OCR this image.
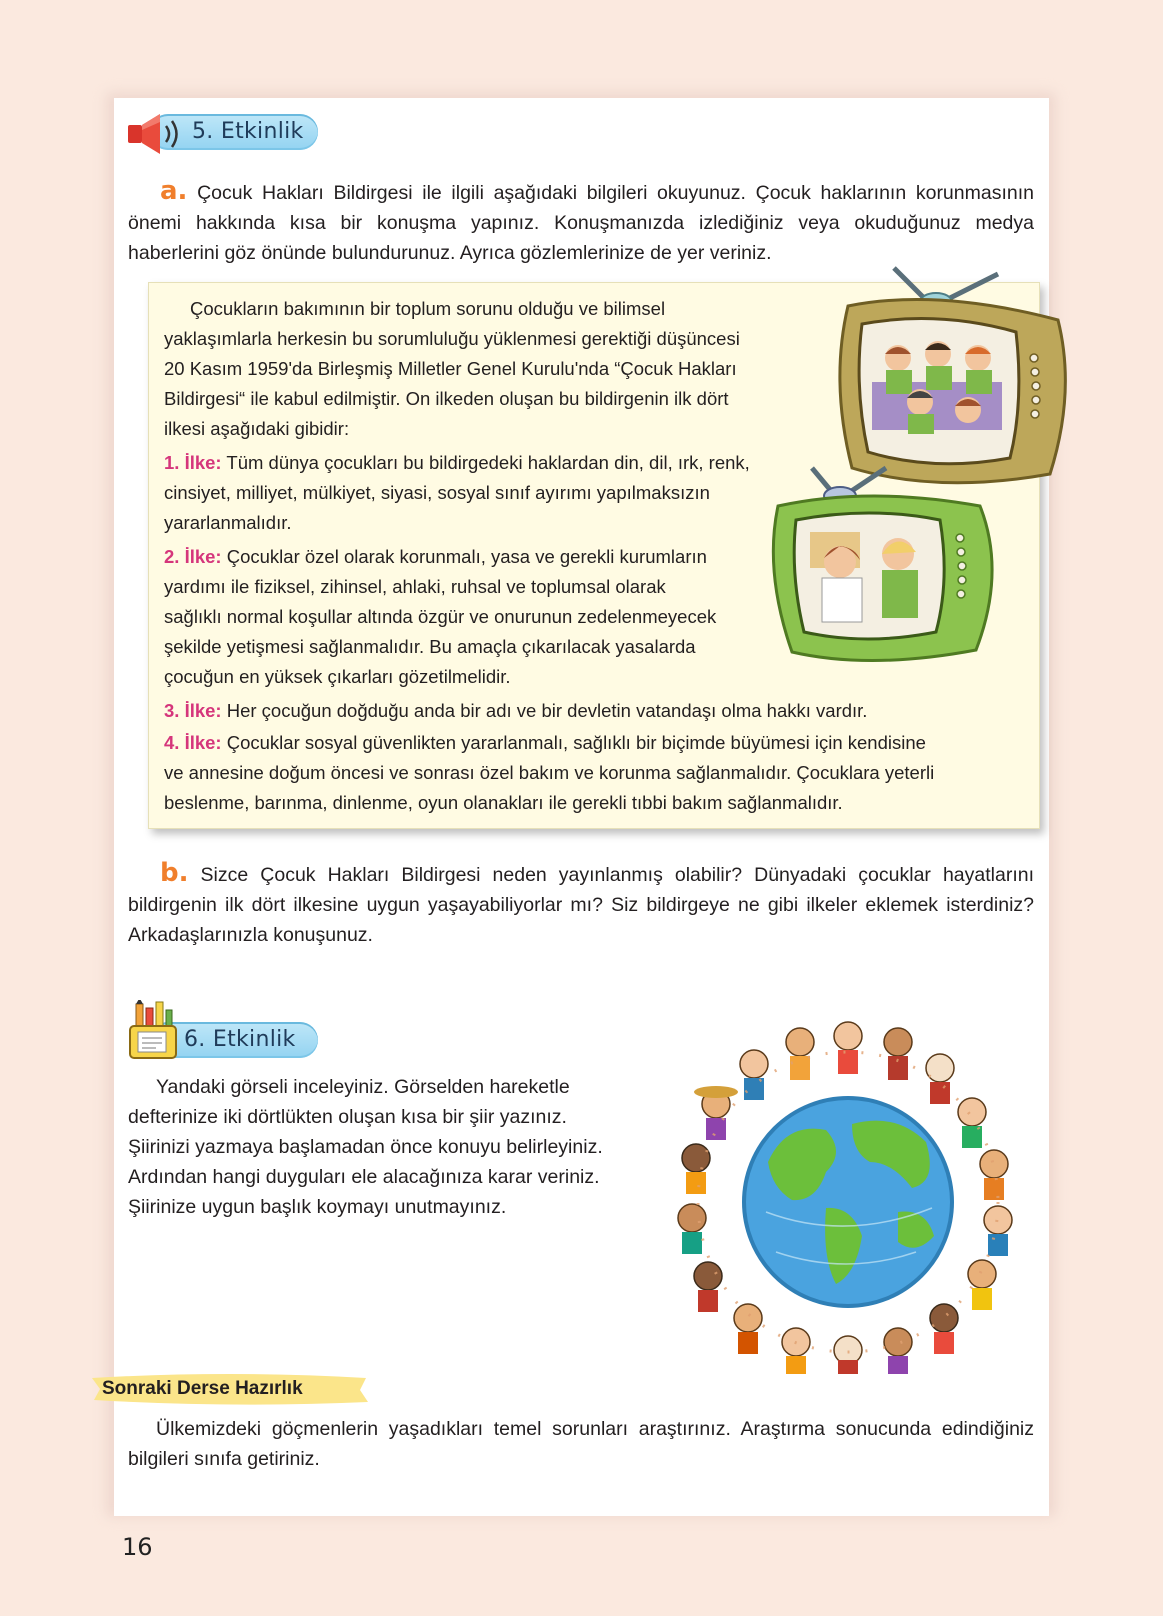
5. Etkinlik

a. Çocuk Hakları Bildirgesi ile ilgili aşağıdaki bilgileri okuyunuz. Çocuk haklarının korunmasının önemi hakkında kısa bir konuşma yapınız. Konuşmanızda izlediğiniz veya okuduğunuz medya haberlerini göz önünde bulundurunuz. Ayrıca gözlemlerinize de yer veriniz.

Çocukların bakımının bir toplum sorunu olduğu ve bilimsel
yaklaşımlarla herkesin bu sorumluluğu yüklenmesi gerektiği düşüncesi
20 Kasım 1959'da Birleşmiş Milletler Genel Kurulu'nda “Çocuk Hakları
Bildirgesi“ ile kabul edilmiştir. On ilkeden oluşan bu bildirgenin ilk dört
ilkesi aşağıdaki gibidir:
1. İlke: Tüm dünya çocukları bu bildirgedeki haklardan din, dil, ırk, renk,
cinsiyet, milliyet, mülkiyet, siyasi, sosyal sınıf ayırımı yapılmaksızın
yararlanmalıdır.
2. İlke: Çocuklar özel olarak korunmalı, yasa ve gerekli kurumların
yardımı ile fiziksel, zihinsel, ahlaki, ruhsal ve toplumsal olarak
sağlıklı normal koşullar altında özgür ve onurunun zedelenmeyecek
şekilde yetişmesi sağlanmalıdır. Bu amaçla çıkarılacak yasalarda
çocuğun en yüksek çıkarları gözetilmelidir.
3. İlke: Her çocuğun doğduğu anda bir adı ve bir devletin vatandaşı olma hakkı vardır.
4. İlke: Çocuklar sosyal güvenlikten yararlanmalı, sağlıklı bir biçimde büyümesi için kendisine
ve annesine doğum öncesi ve sonrası özel bakım ve korunma sağlanmalıdır. Çocuklara yeterli
beslenme, barınma, dinlenme, oyun olanakları ile gerekli tıbbi bakım sağlanmalıdır.

b. Sizce Çocuk Hakları Bildirgesi neden yayınlanmış olabilir? Dünyadaki çocuklar hayatlarını bildirgenin ilk dört ilkesine uygun yaşayabiliyorlar mı? Siz bildirgeye ne gibi ilkeler eklemek isterdiniz? Arkadaşlarınızla konuşunuz.

6. Etkinlik
Yandaki görseli inceleyiniz. Görselden hareketle
defterinize iki dörtlükten oluşan kısa bir şiir yazınız.
Şiirinizi yazmaya başlamadan önce konuyu belirleyiniz.
Ardından hangi duyguları ele alacağınıza karar veriniz.
Şiirinize uygun başlık koymayı unutmayınız.
Sonraki Derse Hazırlık
Ülkemizdeki göçmenlerin yaşadıkları temel sorunları araştırınız. Araştırma sonucunda edindiğiniz bilgileri sınıfa getiriniz.
16
